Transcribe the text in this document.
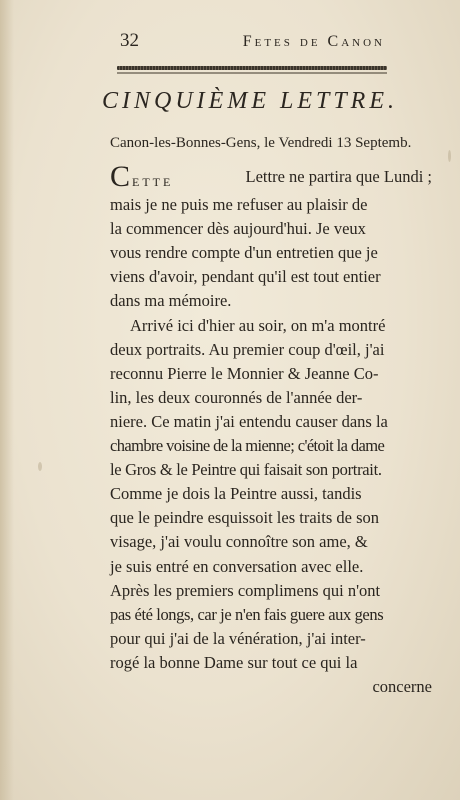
32	Fetes de Canon
CINQUIÈME LETTRE.
Canon-les-Bonnes-Gens, le Vendredi 13 Septemb.
Cette	Lettre ne partira que Lundi ;
mais je ne puis me refuser au plaisir de
la commencer dès aujourd'hui. Je veux
vous rendre compte d'un entretien que je
viens d'avoir, pendant qu'il est tout entier
dans ma mémoire.
Arrivé ici d'hier au soir, on m'a montré
deux portraits. Au premier coup d'œil, j'ai
reconnu Pierre le Monnier & Jeanne Co-
lin, les deux couronnés de l'année der-
niere. Ce matin j'ai entendu causer dans la
chambre voisine de la mienne; c'étoit la dame
le Gros & le Peintre qui faisait son portrait.
Comme je dois la Peintre aussi, tandis
que le peindre esquissoit les traits de son
visage, j'ai voulu connoître son ame, &
je suis entré en conversation avec elle.
Après les premiers complimens qui n'ont
pas été longs, car je n'en fais guere aux gens
pour qui j'ai de la vénération, j'ai inter-
rogé la bonne Dame sur tout ce qui la
concerne
